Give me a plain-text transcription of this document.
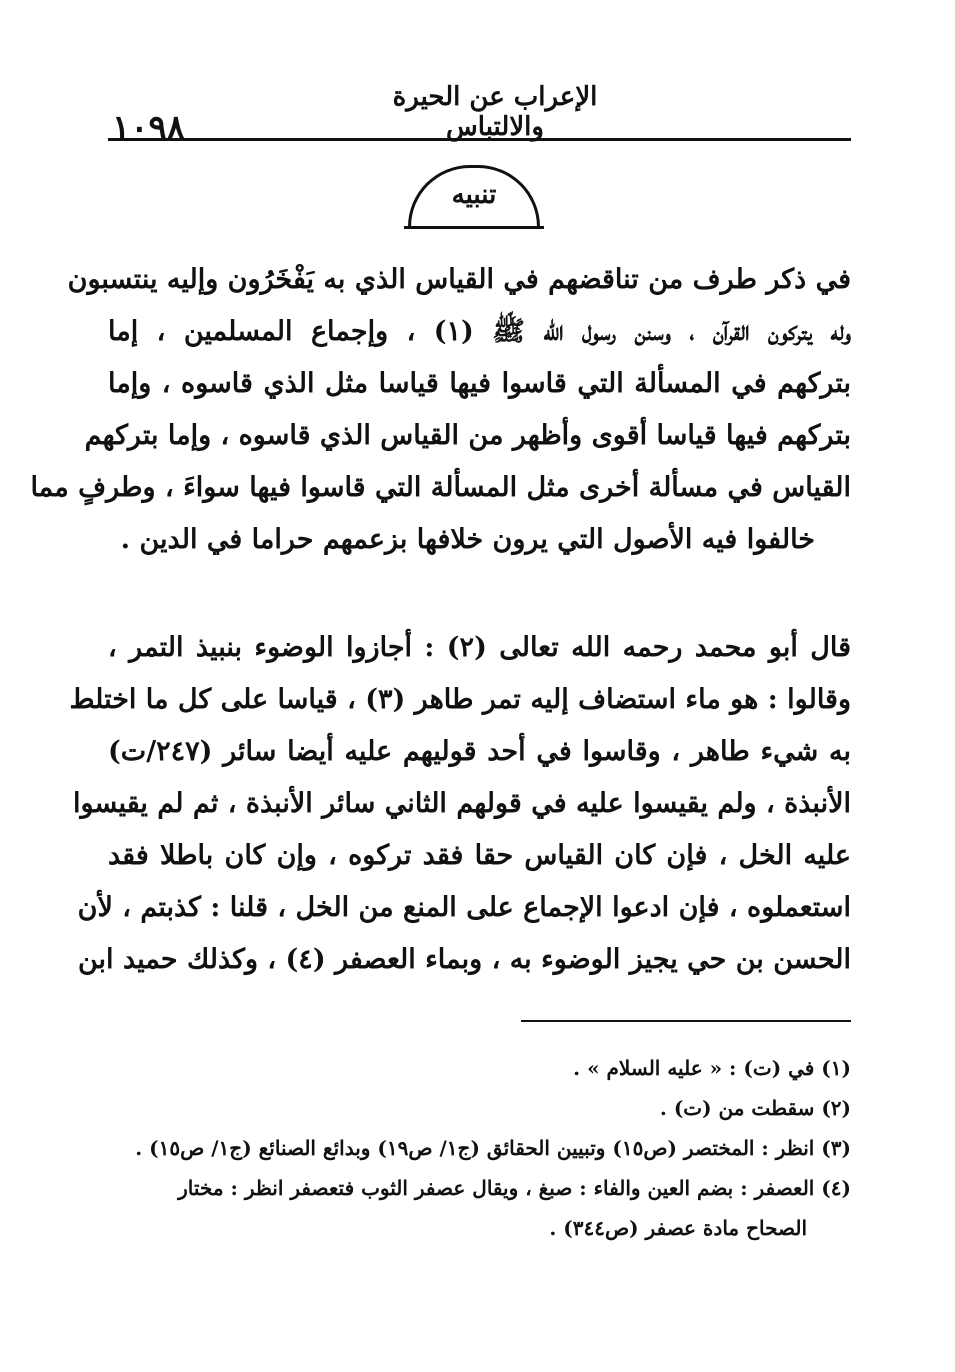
١٠٩٨
الإعراب عن الحيرة والالتباس
تنبيه
في ذكر طرف من تناقضهم في القياس الذي به يَفْخَرُون وإليه ينتسبون
وله يتركون القرآن ، وسنن رسول الله ﷺ (١) ، وإجماع المسلمين ، إما
بتركهم في المسألة التي قاسوا فيها قياسا مثل الذي قاسوه ، وإما
بتركهم فيها قياسا أقوى وأظهر من القياس الذي قاسوه ، وإما بتركهم
القياس في مسألة أخرى مثل المسألة التي قاسوا فيها سواءَ ، وطرفٍ مما
خالفوا فيه الأصول التي يرون خلافها بزعمهم حراما في الدين .
قال أبو محمد رحمه الله تعالى (٢) : أجازوا الوضوء بنبيذ التمر ،
وقالوا : هو ماء استضاف إليه تمر طاهر (٣) ، قياسا على كل ما اختلط
به شيء طاهر ، وقاسوا في أحد قوليهم عليه أيضا سائر (٢٤٧/ت)
الأنبذة ، ولم يقيسوا عليه في قولهم الثاني سائر الأنبذة ، ثم لم يقيسوا
عليه الخل ، فإن كان القياس حقا فقد تركوه ، وإن كان باطلا فقد
استعملوه ، فإن ادعوا الإجماع على المنع من الخل ، قلنا : كذبتم ، لأن
الحسن بن حي يجيز الوضوء به ، وبماء العصفر (٤) ، وكذلك حميد ابن
(١) في (ت) : « عليه السلام » .
(٢) سقطت من (ت) .
(٣) انظر : المختصر (ص١٥) وتبيين الحقائق (ج١/ ص١٩) وبدائع الصنائع (ج١/ ص١٥) .
(٤) العصفر : بضم العين والفاء : صبغ ، ويقال عصفر الثوب فتعصفر انظر : مختار
الصحاح مادة عصفر (ص٣٤٤) .
